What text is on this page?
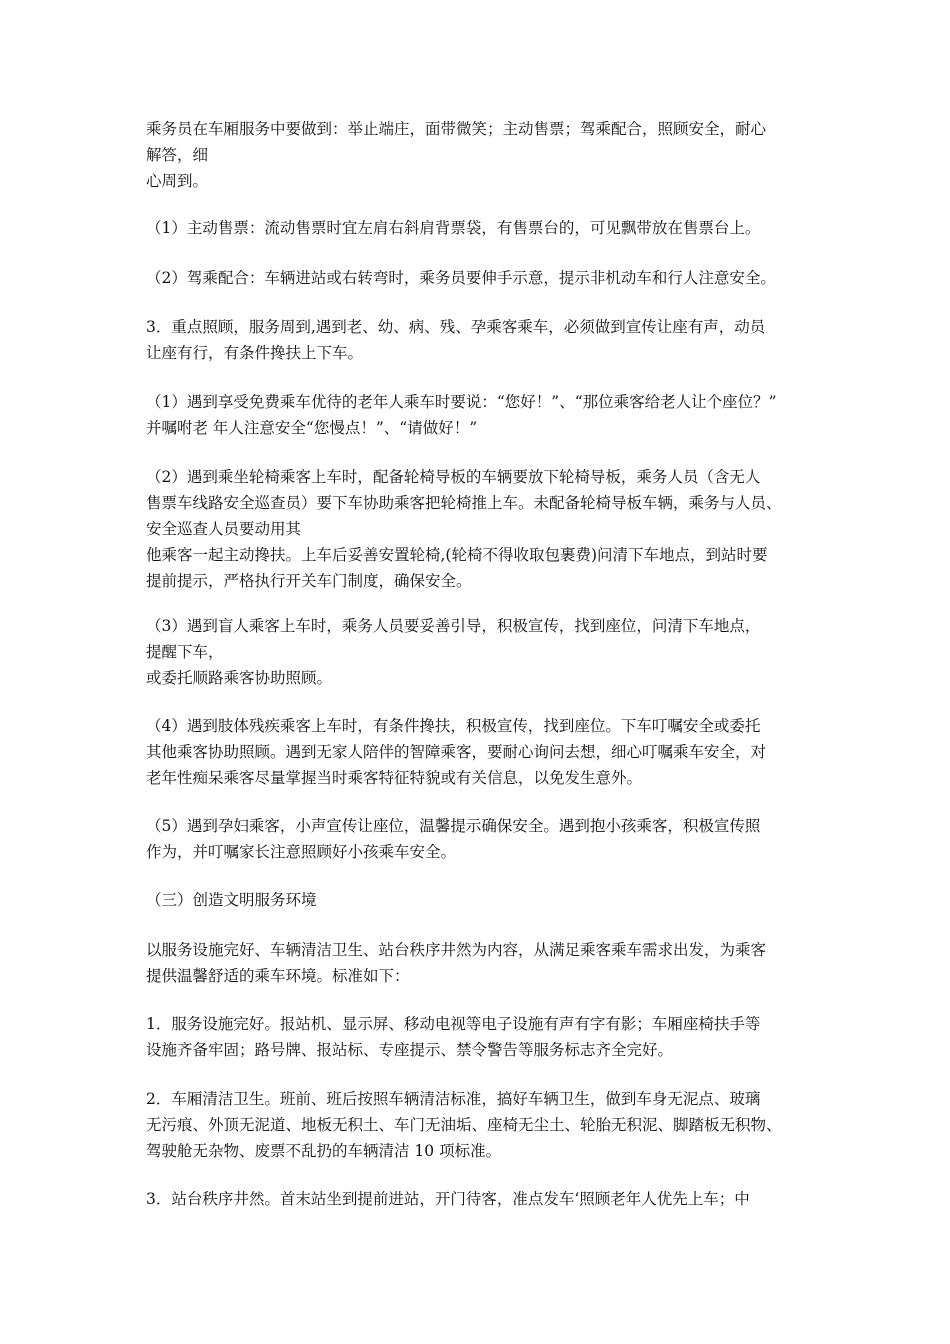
乘务员在车厢服务中要做到：举止端庄，面带微笑；主动售票；驾乘配合，照顾安全，耐心
解答，细
心周到。
（1）主动售票：流动售票时宜左肩右斜肩背票袋，有售票台的，可见飘带放在售票台上。
（2）驾乘配合：车辆进站或右转弯时，乘务员要伸手示意，提示非机动车和行人注意安全。
3．重点照顾，服务周到,遇到老、幼、病、残、孕乘客乘车，必须做到宣传让座有声，动员
让座有行，有条件搀扶上下车。
（1）遇到享受免费乘车优待的老年人乘车时要说：“您好！”、“那位乘客给老人让个座位？”
并嘱咐老 年人注意安全“您慢点！”、“请做好！”
（2）遇到乘坐轮椅乘客上车时，配备轮椅导板的车辆要放下轮椅导板，乘务人员（含无人
售票车线路安全巡查员）要下车协助乘客把轮椅推上车。未配备轮椅导板车辆，乘务与人员、
安全巡查人员要动用其
他乘客一起主动搀扶。上车后妥善安置轮椅,(轮椅不得收取包裹费)问清下车地点，到站时要
提前提示，严格执行开关车门制度，确保安全。
（3）遇到盲人乘客上车时，乘务人员要妥善引导，积极宣传，找到座位，问清下车地点，
提醒下车，
或委托顺路乘客协助照顾。
（4）遇到肢体残疾乘客上车时，有条件搀扶，积极宣传，找到座位。下车叮嘱安全或委托
其他乘客协助照顾。遇到无家人陪伴的智障乘客，要耐心询问去想，细心叮嘱乘车安全，对
老年性痴呆乘客尽量掌握当时乘客特征特貌或有关信息，以免发生意外。
（5）遇到孕妇乘客，小声宣传让座位，温馨提示确保安全。遇到抱小孩乘客，积极宣传照
作为，并叮嘱家长注意照顾好小孩乘车安全。
（三）创造文明服务环境
以服务设施完好、车辆清洁卫生、站台秩序井然为内容，从满足乘客乘车需求出发，为乘客
提供温馨舒适的乘车环境。标准如下：
1．服务设施完好。报站机、显示屏、移动电视等电子设施有声有字有影；车厢座椅扶手等
设施齐备牢固；路号牌、报站标、专座提示、禁令警告等服务标志齐全完好。
2．车厢清洁卫生。班前、班后按照车辆清洁标准，搞好车辆卫生，做到车身无泥点、玻璃
无污痕、外顶无泥道、地板无积土、车门无油垢、座椅无尘土、轮胎无积泥、脚踏板无积物、
驾驶舱无杂物、废票不乱扔的车辆清洁 10 项标准。
3．站台秩序井然。首末站坐到提前进站，开门待客，准点发车‘照顾老年人优先上车；中
